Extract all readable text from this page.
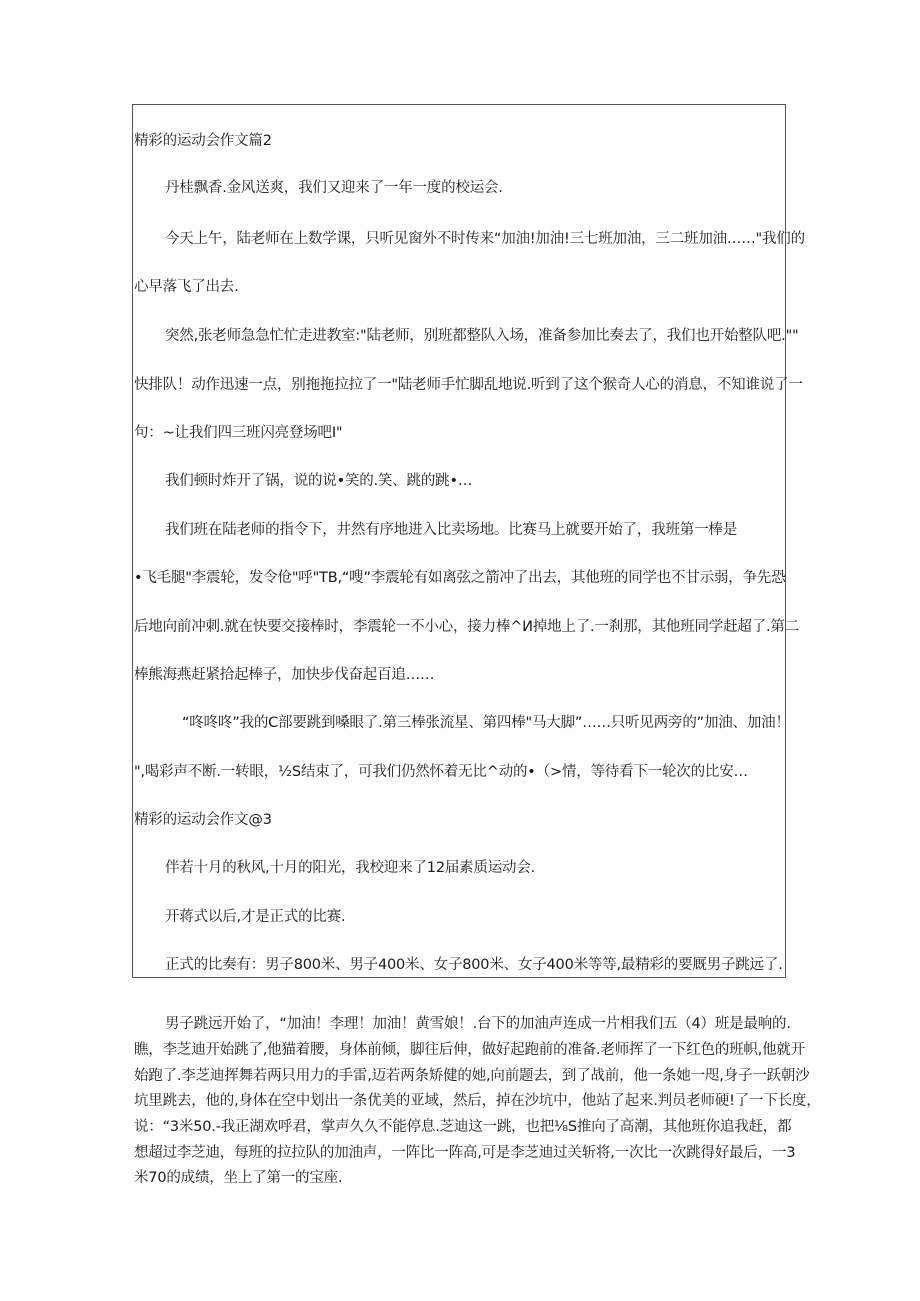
精彩的运动会作文篇2
丹桂飘香.金风送爽，我们又迎来了一年一度的校运会.
今天上午，陆老师在上数学课，只听见窗外不时传来“加油!加油!三七班加油，三二班加油……"我们的
心早落飞了出去.
突然,张老师急急忙忙走进教室:"陆老师，别班都整队入场，准备参加比奏去了，我们也开始整队吧.""
快排队！动作迅速一点，别拖拖拉拉了一"陆老师手忙脚乱地说.听到了这个猴奇人心的消息，不知谁说了一
句：~让我们四三班闪亮登场吧I"
我们顿时炸开了锅，说的说•笑的.笑、跳的跳•…
我们班在陆老师的指令下，井然有序地进入比卖场地。比赛马上就要开始了，我班第一棒是
•飞毛腿"李震轮，发令伧"呼"TB,“嗖”李震轮有如离弦之箭冲了出去，其他班的同学也不甘示弱，争先恐
后地向前冲刺.就在快要交接棒时，李震轮一不小心，接力棒^И掉地上了.一刹那，其他班同学赶超了.第二
棒熊海燕赶紧拾起棒子，加快步伐奋起百追……
“咚咚咚”我的C部要跳到嗓眼了.第三棒张流星、第四棒"马大脚”……只听见两旁的”加油、加油！
",喝彩声不断.一转眼，½S结束了，可我们仍然怀着无比^动的•（>情，等待看下一轮次的比安…
精彩的运动会作文@3
伴若十月的秋风,十月的阳光，我校迎来了12届素质运动会.
开蒋式以后,才是正式的比赛.
正式的比奏有：男子800米、男子400米、女子800米、女子400米等等,最精彩的要厩男子跳远了.
男子跳远开始了，“加油！李理！加油！黄雪娘！.台下的加油声连成一片相我们五（4）班是最响的.
瞧，李芝迪开始跳了,他猫着腰，身体前倾，脚往后伸，做好起跑前的准备.老师挥了一下红色的班帜,他就开
始跑了.李芝迪挥舞若两只用力的手雷,迈若两条矫健的她,向前题去，到了战前，他一条她一咫,身子一跃朝沙
坑里跳去，他的,身体在空中划出一条优美的亚域，然后，掉在沙坑中，他站了起来.判员老师硬!了一下长度，
说：“3米50.-我正湖欢呼君，掌声久久不能停息.芝迪这一跳，也把⅛S推向了高潮，其他班你追我赶，都
想超过李芝迪，每班的拉拉队的加油声，一阵比一阵高,可是李芝迪过关斩将,一次比一次跳得好最后，一3
米70的成绩，坐上了第一的宝座.
